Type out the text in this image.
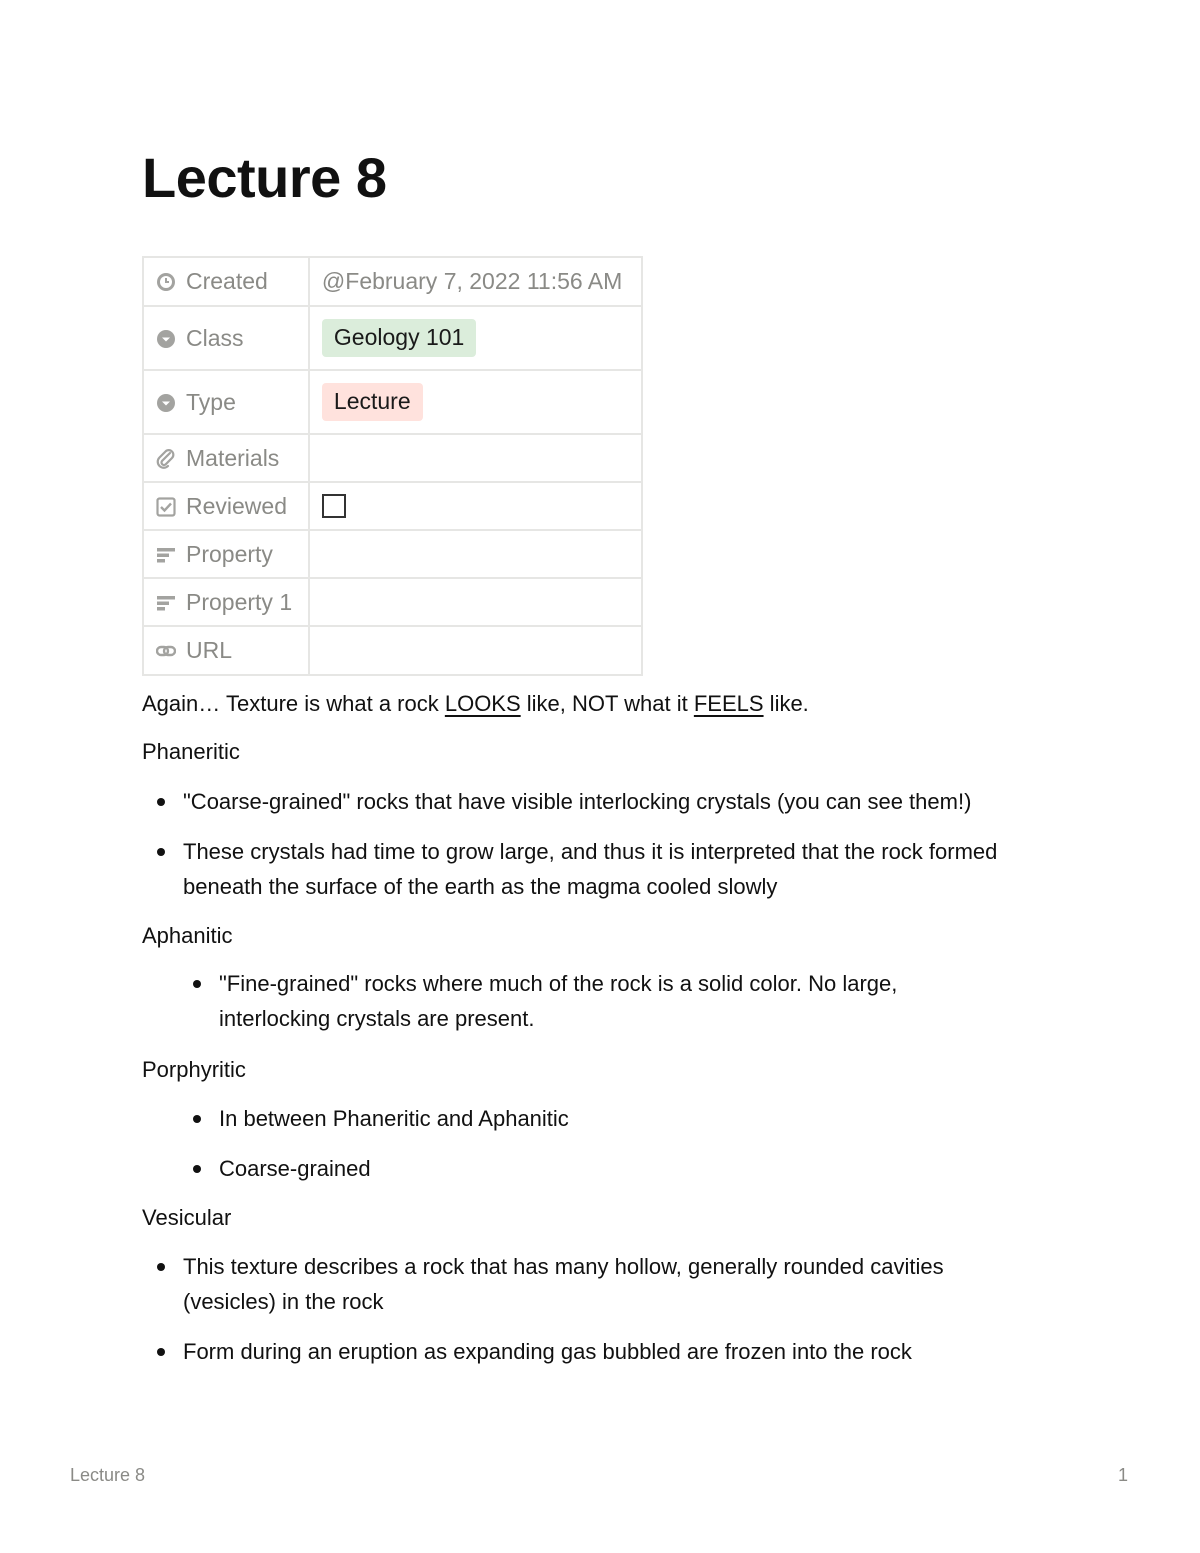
Lecture 8
Created	@February 7, 2022 11:56 AM
Class	Geology 101
Type	Lecture
Materials	
Reviewed	
Property	
Property 1	
URL	

Again… Texture is what a rock LOOKS like, NOT what it FEELS like.

Phaneritic

"Coarse-grained" rocks that have visible interlocking crystals (you can see them!)
These crystals had time to grow large, and thus it is interpreted that the rock formed beneath the surface of the earth as the magma cooled slowly

Aphanitic

"Fine-grained" rocks where much of the rock is a solid color. No large, interlocking crystals are present.

Porphyritic

In between Phaneritic and Aphanitic
Coarse-grained

Vesicular

This texture describes a rock that has many hollow, generally rounded cavities (vesicles) in the rock
Form during an eruption as expanding gas bubbled are frozen into the rock
Lecture 8	1
